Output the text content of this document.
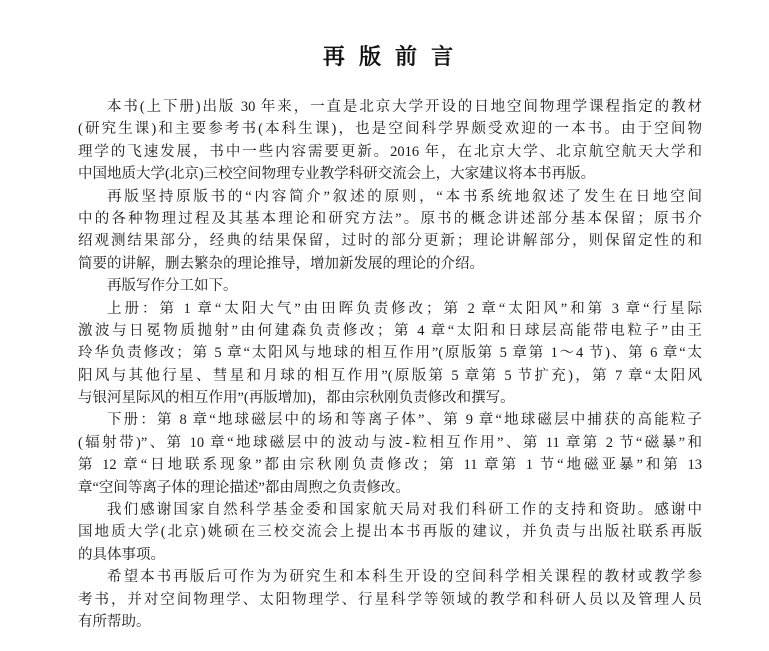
再 版 前 言

本书(上下册)出版 30 年来，一直是北京大学开设的日地空间物理学课程指定的教材
(研究生课)和主要参考书(本科生课)，也是空间科学界颇受欢迎的一本书。由于空间物
理学的飞速发展，书中一些内容需要更新。2016 年，在北京大学、北京航空航天大学和
中国地质大学(北京)三校空间物理专业教学科研交流会上，大家建议将本书再版。

再版坚持原版书的“内容简介”叙述的原则，“本书系统地叙述了发生在日地空间
中的各种物理过程及其基本理论和研究方法”。原书的概念讲述部分基本保留；原书介
绍观测结果部分，经典的结果保留，过时的部分更新；理论讲解部分，则保留定性的和
简要的讲解，删去繁杂的理论推导，增加新发展的理论的介绍。

再版写作分工如下。

上册：第 1 章“太阳大气”由田晖负责修改；第 2 章“太阳风”和第 3 章“行星际
激波与日冕物质抛射”由何建森负责修改；第 4 章“太阳和日球层高能带电粒子”由王
玲华负责修改；第 5 章“太阳风与地球的相互作用”(原版第 5 章第 1～4 节)、第 6 章“太
阳风与其他行星、彗星和月球的相互作用”(原版第 5 章第 5 节扩充)，第 7 章“太阳风
与银河星际风的相互作用”(再版增加)，都由宗秋刚负责修改和撰写。

下册：第 8 章“地球磁层中的场和等离子体”、第 9 章“地球磁层中捕获的高能粒子
(辐射带)”、第 10 章“地球磁层中的波动与波-粒相互作用”、第 11 章第 2 节“磁暴”和
第 12 章“日地联系现象”都由宗秋刚负责修改；第 11 章第 1 节“地磁亚暴”和第 13
章“空间等离子体的理论描述”都由周煦之负责修改。

我们感谢国家自然科学基金委和国家航天局对我们科研工作的支持和资助。感谢中
国地质大学(北京)姚硕在三校交流会上提出本书再版的建议，并负责与出版社联系再版
的具体事项。

希望本书再版后可作为为研究生和本科生开设的空间科学相关课程的教材或教学参
考书，并对空间物理学、太阳物理学、行星科学等领域的教学和科研人员以及管理人员
有所帮助。
